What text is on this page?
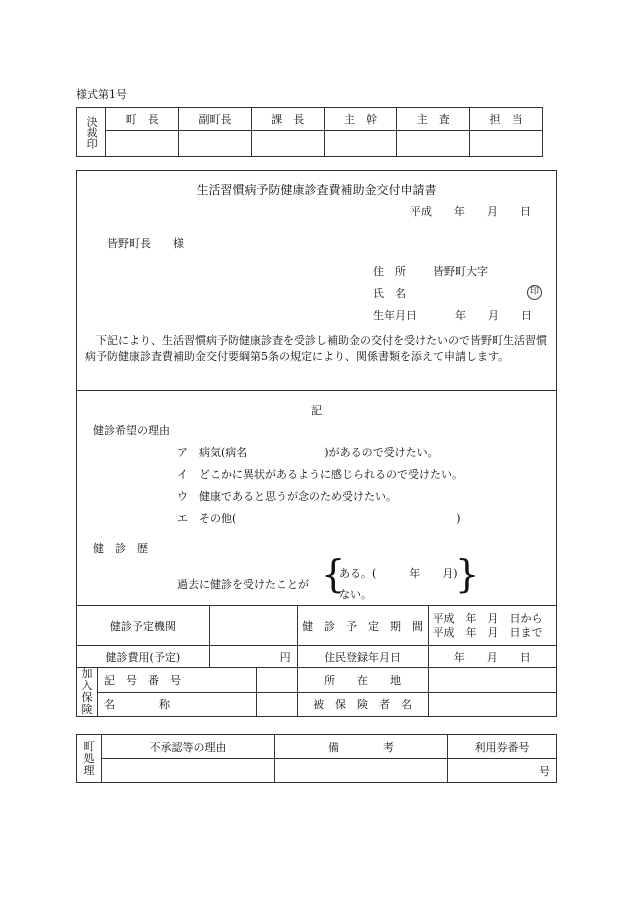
様式第1号
決裁印	町　長	副町長	課　長	主　幹	主　査	担　当

生活習慣病予防健康診査費補助金交付申請書
平成　　年　　月　　日
皆野町長　　様
住　所 皆野町大字
氏　名	印
生年月日	年　　月　　日
　下記により、生活習慣病予防健康診査を受診し補助金の交付を受けたいので皆野町生活習慣病予防健康診査費補助金交付要綱第5条の規定により、関係書類を添えて申請します。
記
健診希望の理由
ア　病気(病名　　　　　　　)があるので受けたい。
イ　どこかに異状があるように感じられるので受けたい。
ウ　健康であると思うが念のため受けたい。
エ　その他(　　　　　　　　　　　　　　　　　　　　)
健　診　歴
過去に健診を受けたことが {
ある。(　　　年　　月)
ない。 }
健診予定機関				健　診　予　定　期　間	平成　年　月　日から
平成　年　月　日まで

健診費用(予定)		円		住民登録年月日	年　　月　　日

加入保険	記　号　番　号			所　　在　　地	
	名　　　　称			被　保　険　者　名	
町処理	不承認等の理由	備　　　　考	利用券番号
			号
